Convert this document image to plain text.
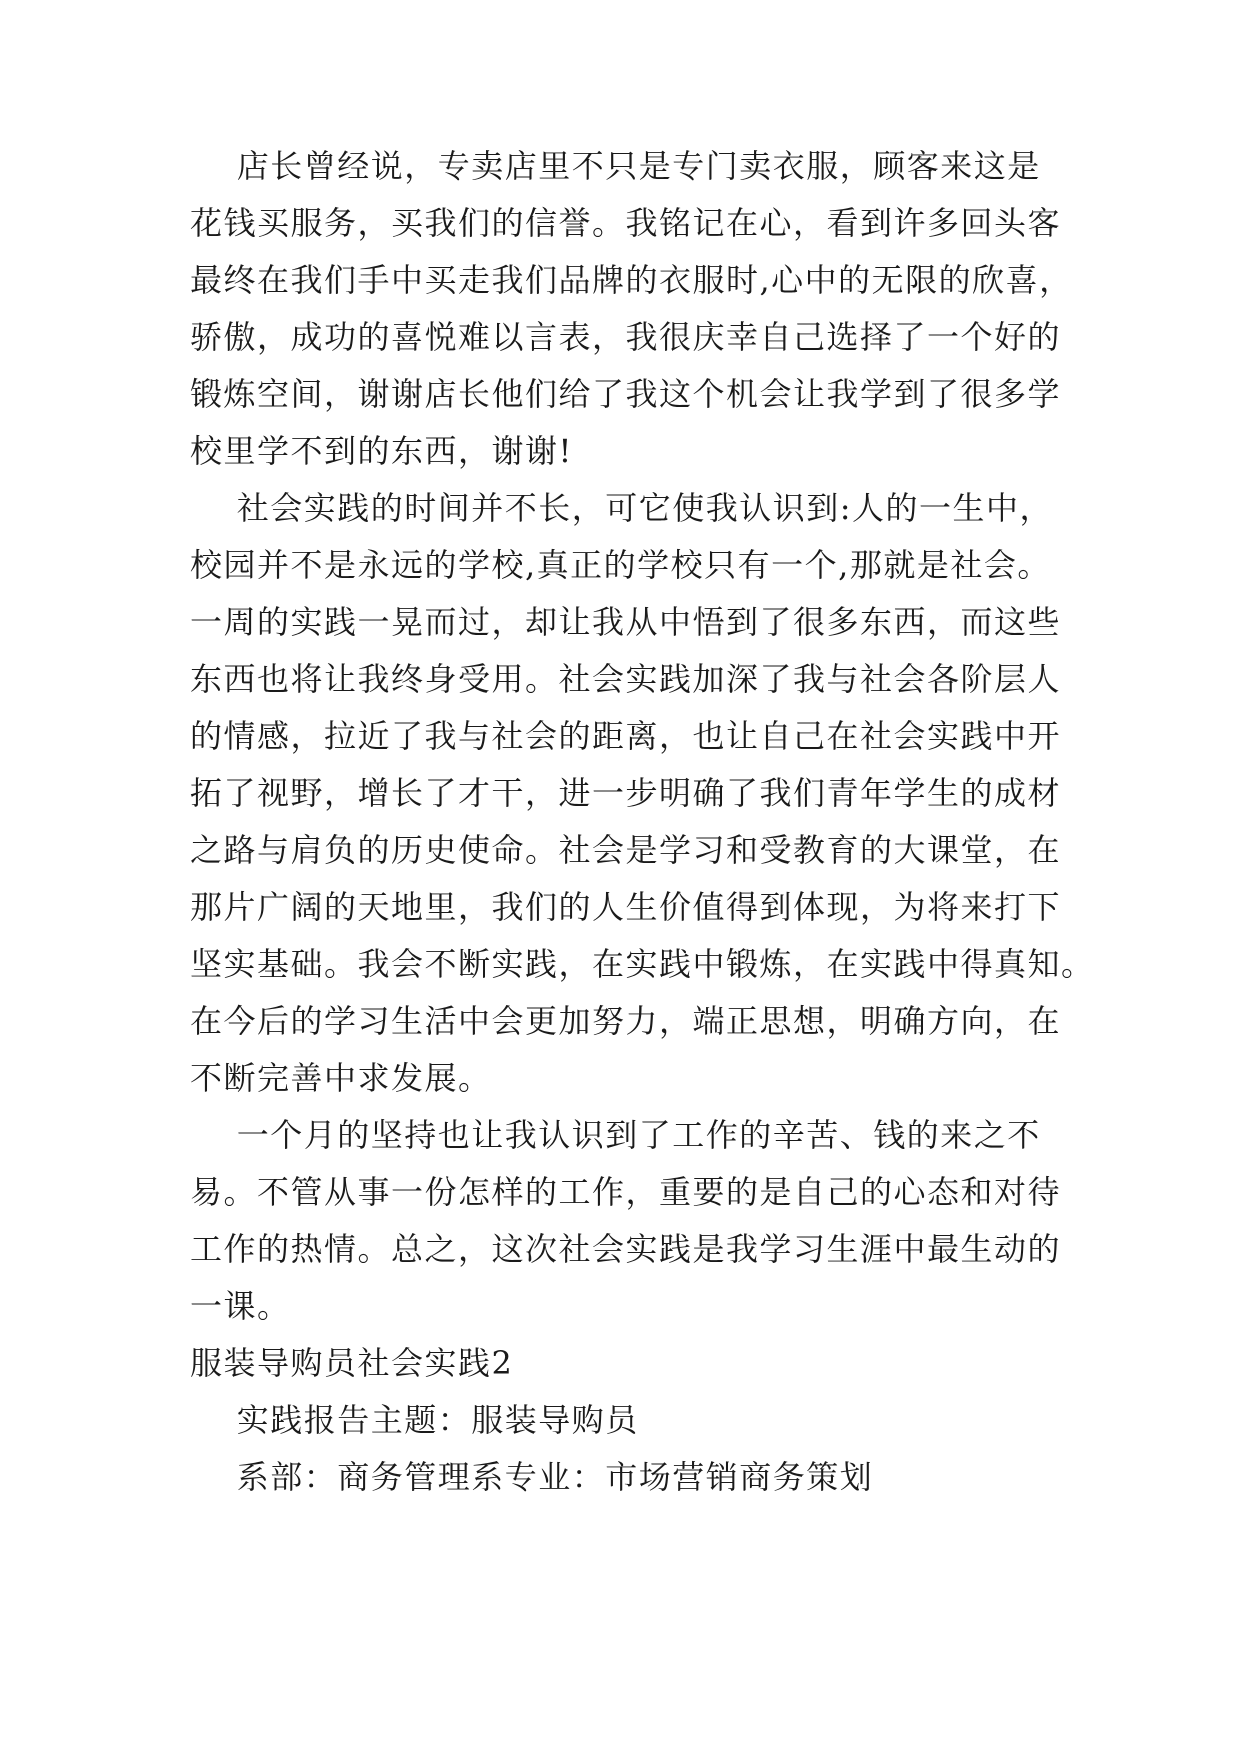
店长曾经说，专卖店里不只是专门卖衣服，顾客来这是
花钱买服务，买我们的信誉。我铭记在心，看到许多回头客
最终在我们手中买走我们品牌的衣服时,心中的无限的欣喜，
骄傲，成功的喜悦难以言表，我很庆幸自己选择了一个好的
锻炼空间，谢谢店长他们给了我这个机会让我学到了很多学
校里学不到的东西，谢谢!
社会实践的时间并不长，可它使我认识到:人的一生中，
校园并不是永远的学校,真正的学校只有一个,那就是社会。
一周的实践一晃而过，却让我从中悟到了很多东西，而这些
东西也将让我终身受用。社会实践加深了我与社会各阶层人
的情感，拉近了我与社会的距离，也让自己在社会实践中开
拓了视野，增长了才干，进一步明确了我们青年学生的成材
之路与肩负的历史使命。社会是学习和受教育的大课堂，在
那片广阔的天地里，我们的人生价值得到体现，为将来打下
坚实基础。我会不断实践，在实践中锻炼，在实践中得真知。
在今后的学习生活中会更加努力，端正思想，明确方向，在
不断完善中求发展。
一个月的坚持也让我认识到了工作的辛苦、钱的来之不
易。不管从事一份怎样的工作，重要的是自己的心态和对待
工作的热情。总之，这次社会实践是我学习生涯中最生动的
一课。
服装导购员社会实践2
实践报告主题：服装导购员
系部：商务管理系专业：市场营销商务策划
